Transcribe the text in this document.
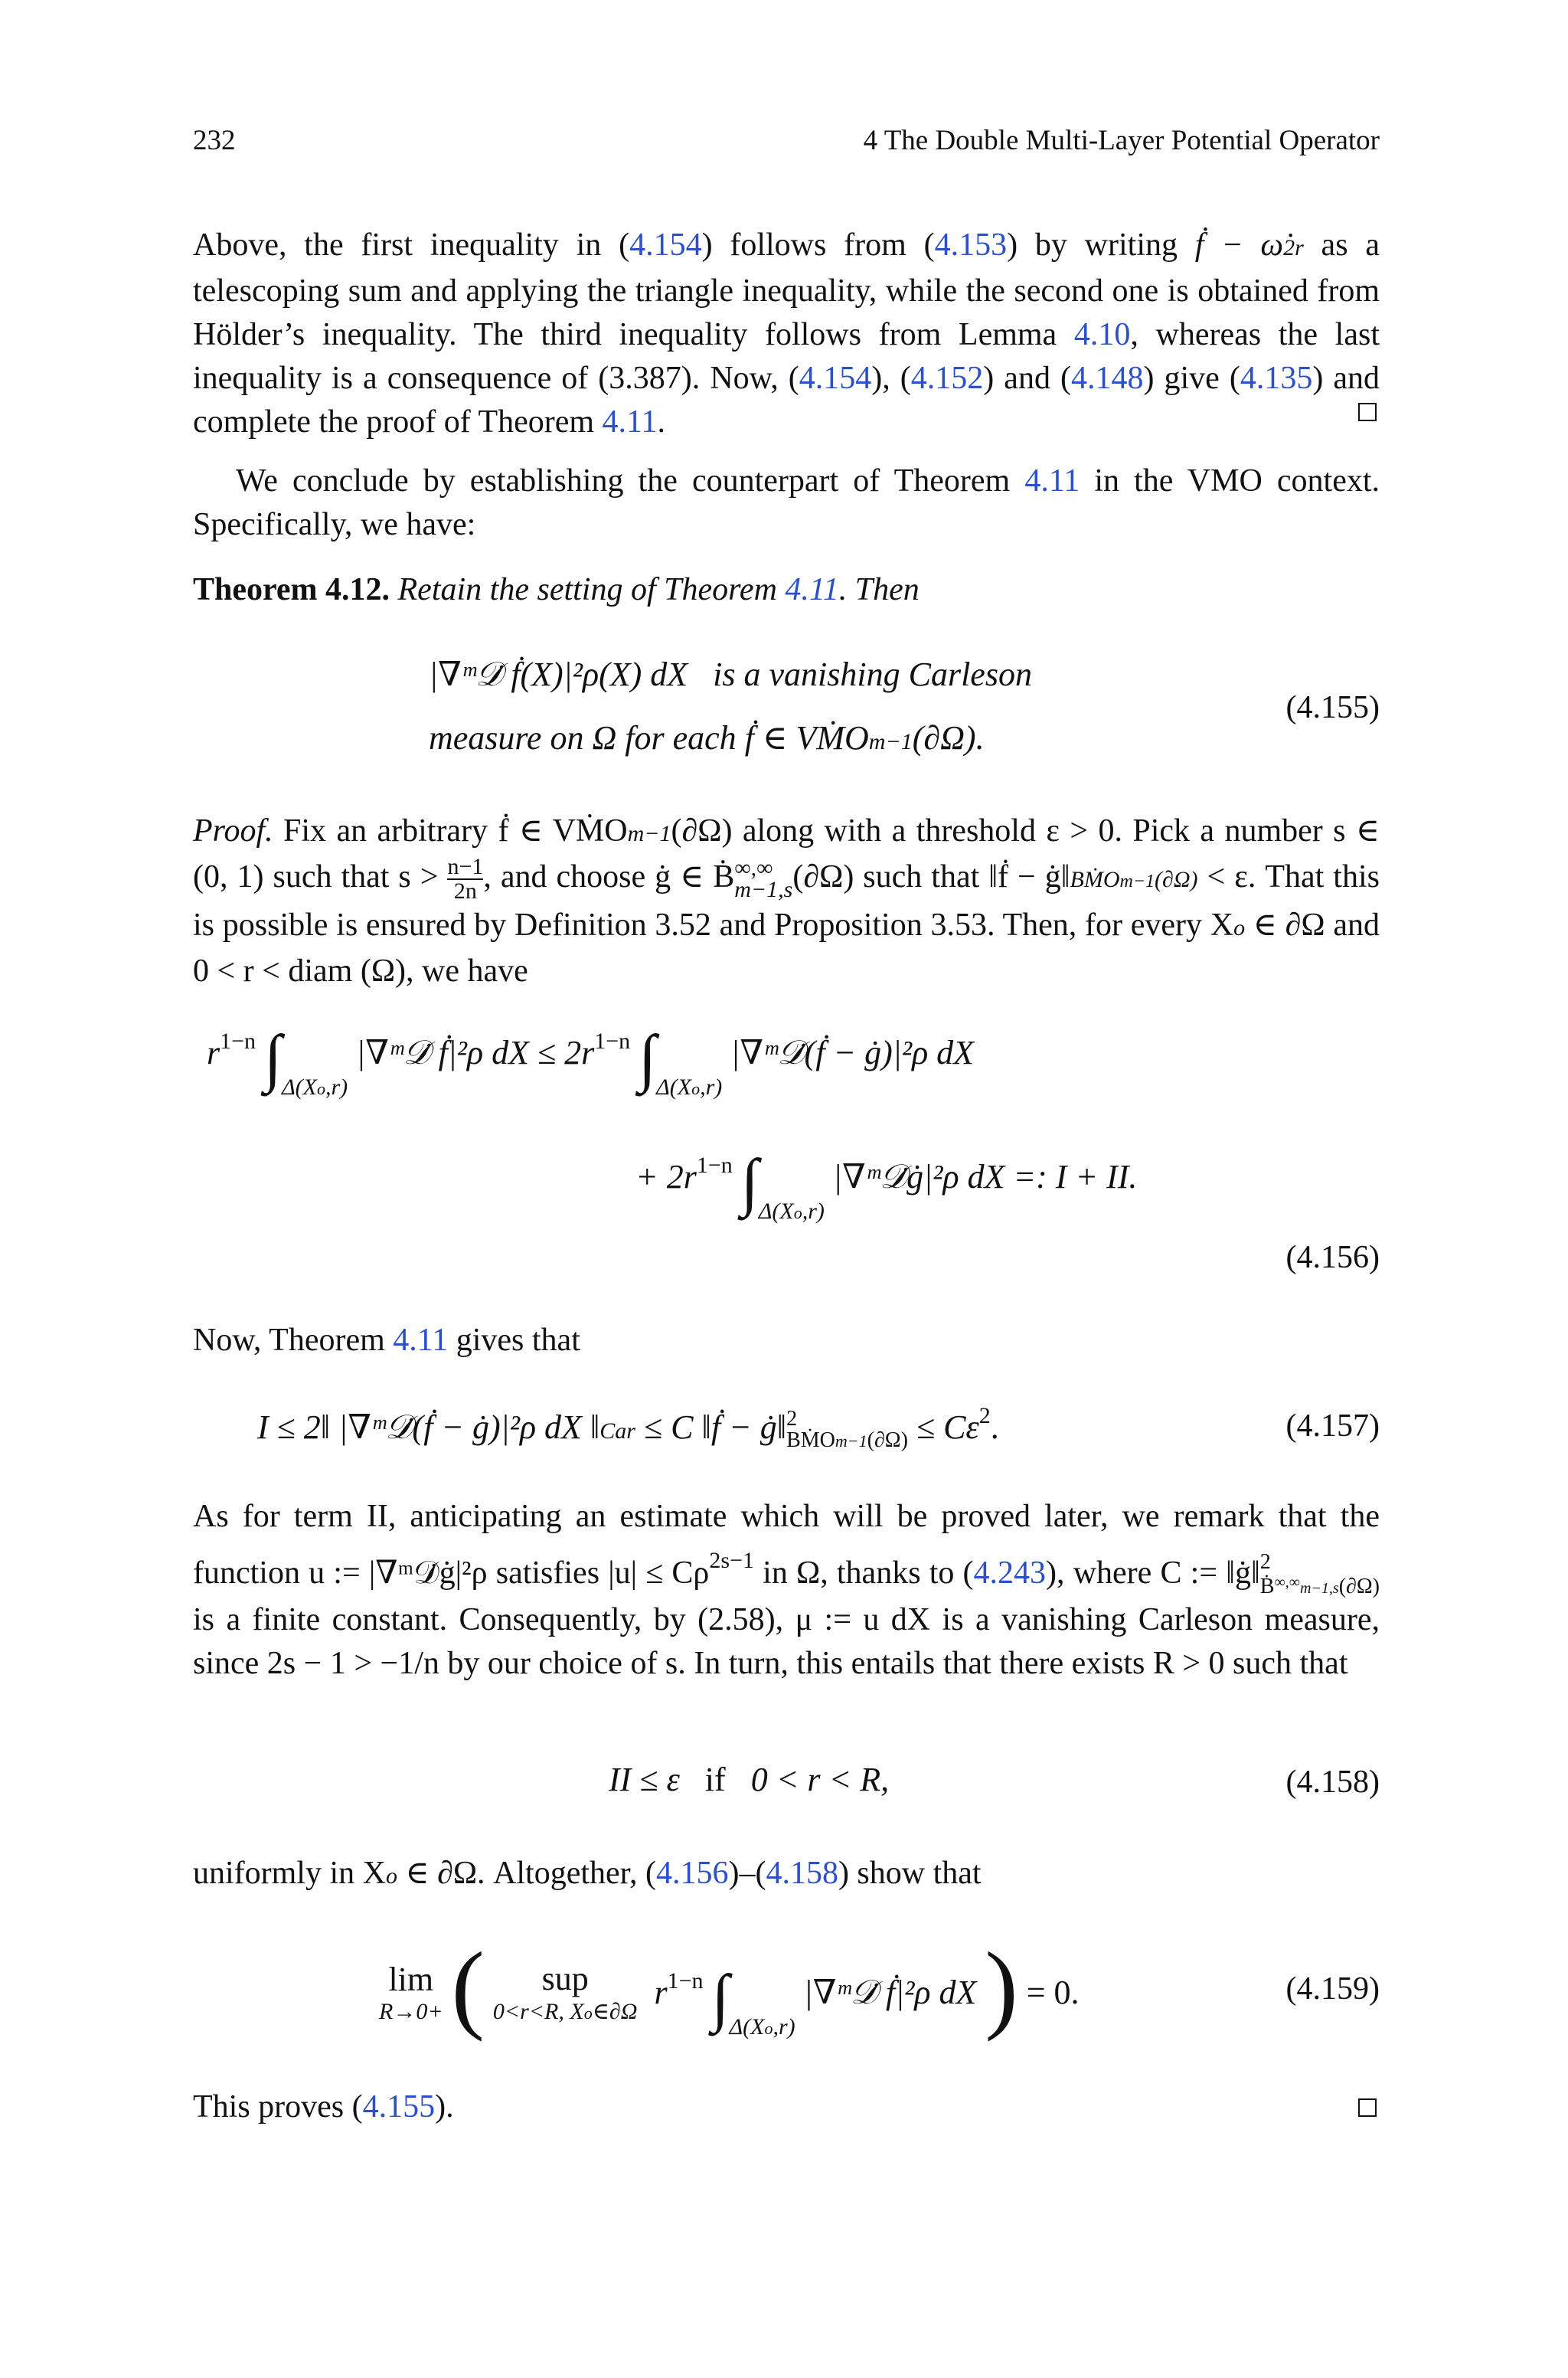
232	4 The Double Multi-Layer Potential Operator
Above, the first inequality in (4.154) follows from (4.153) by writing ḟ − ω̇2r as a telescoping sum and applying the triangle inequality, while the second one is obtained from Hölder’s inequality. The third inequality follows from Lemma 4.10, whereas the last inequality is a consequence of (3.387). Now, (4.154), (4.152) and (4.148) give (4.135) and complete the proof of Theorem 4.11.
We conclude by establishing the counterpart of Theorem 4.11 in the VMO context. Specifically, we have:
Theorem 4.12. Retain the setting of Theorem 4.11. Then
|∇ᵐ𝒟̇ ḟ(X)|²ρ(X) dX is a vanishing Carleson
measure on Ω for each ḟ ∈ VṀOm−1(∂Ω).
(4.155)
Proof. Fix an arbitrary ḟ ∈ VṀOm−1(∂Ω) along with a threshold ε > 0. Pick a number s ∈ (0, 1) such that $s > \frac{n-1}{2n}$ , and choose ġ ∈ Ḃ ∞,∞
m−1,s (∂Ω) such that ‖ḟ − ġ‖BṀOm−1(∂Ω) < ε. That this is possible is ensured by Definition 3.52 and Proposition 3.53. Then, for every Xo ∈ ∂Ω and 0 < r < diam (Ω), we have
$r^{1-n}$ $\int_{\Delta(Xo,r)}$ |∇ᵐ𝒟̇ ḟ|²ρ dX ≤ $2r^{1-n}$ $\int_{\Delta(Xo,r)}$ |∇ᵐ𝒟̇(ḟ − ġ)|²ρ dX
+ $2r^{1-n}$ $\int_{\Delta(Xo,r)}$ |∇ᵐ𝒟̇ġ|²ρ dX =: I + II.
(4.156)
Now, Theorem 4.11 gives that
I ≤ 2‖ |∇ᵐ𝒟̇(ḟ − ġ)|²ρ dX ‖Car ≤ C ‖ḟ − ġ‖ 2
BṀOm−1(∂Ω) ≤ $C\varepsilon^2$.	(4.157)
As for term II, anticipating an estimate which will be proved later, we remark that the function u := |∇ᵐ𝒟̇ġ|²ρ satisfies $|u| \le C\rho^{2s-1}$ in Ω, thanks to (4.243), where C := ‖ġ‖ 2
Ḃ∞,∞m−1,s(∂Ω)
is a finite constant. Consequently, by (2.58), μ := u dX is a vanishing Carleson measure, since 2s − 1 > −1/n by our choice of s. In turn, this entails that there exists R > 0 such that
II ≤ ε if 0 < r < R,	(4.158)
uniformly in Xo ∈ ∂Ω. Altogether, (4.156)–(4.158) show that
lim
R→0+ (	sup
0<r<R, Xo∈∂Ω
$r^{1-n}$ $\int_{\Delta(Xo,r)}$ |∇ᵐ𝒟̇ ḟ|²ρ dX ) = 0.	(4.159)
This proves (4.155).
